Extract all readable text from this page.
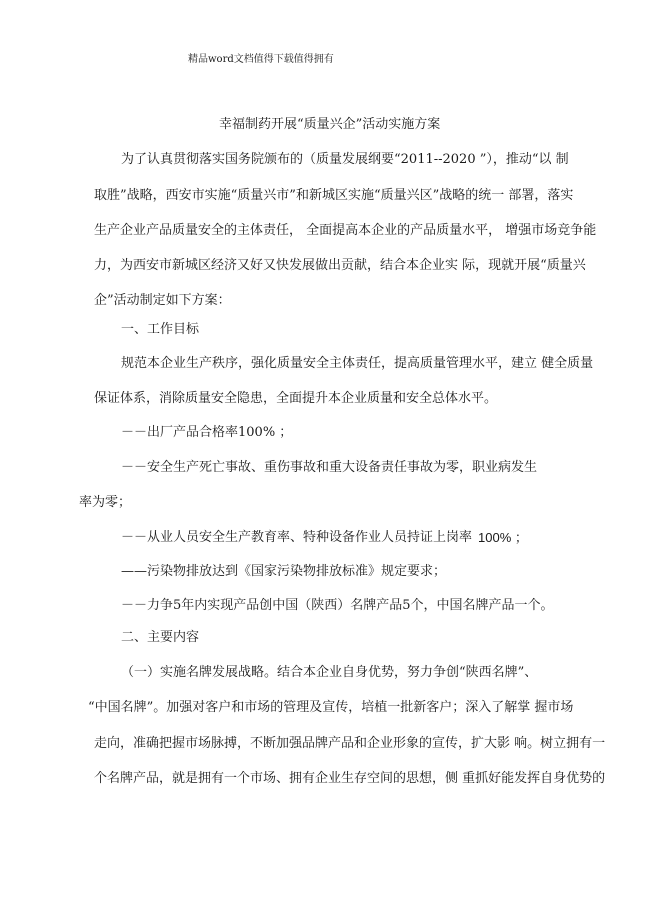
精品word文档值得下载值得拥有
幸福制药开展“质量兴企”活动实施方案
为了认真贯彻落实国务院颁布的（质量发展纲要“2011--2020 ”），推动“以 制
取胜”战略，西安市实施“质量兴市”和新城区实施“质量兴区”战略的统一 部署，落实
生产企业产品质量安全的主体责任， 全面提高本企业的产品质量水平， 增强市场竞争能
力，为西安市新城区经济又好又快发展做出贡献，结合本企业实 际，现就开展“质量兴
企”活动制定如下方案：
一、工作目标
规范本企业生产秩序，强化质量安全主体责任，提高质量管理水平，建立 健全质量
保证体系，消除质量安全隐患，全面提升本企业质量和安全总体水平。
－－出厂产品合格率100% ；
－－安全生产死亡事故、重伤事故和重大设备责任事故为零，职业病发生
率为零；
－－从业人员安全生产教育率、特种设备作业人员持证上岗率 100% ；
——污染物排放达到《国家污染物排放标准》规定要求；
－－力争5年内实现产品创中国（陕西）名牌产品5个，中国名牌产品一个。
二、主要内容
（一）实施名牌发展战略。结合本企业自身优势，努力争创“陕西名牌”、
“中国名牌”。加强对客户和市场的管理及宣传，培植一批新客户；深入了解掌 握市场
走向，准确把握市场脉搏，不断加强品牌产品和企业形象的宣传，扩大影 响。树立拥有一
个名牌产品，就是拥有一个市场、拥有企业生存空间的思想，侧 重抓好能发挥自身优势的
